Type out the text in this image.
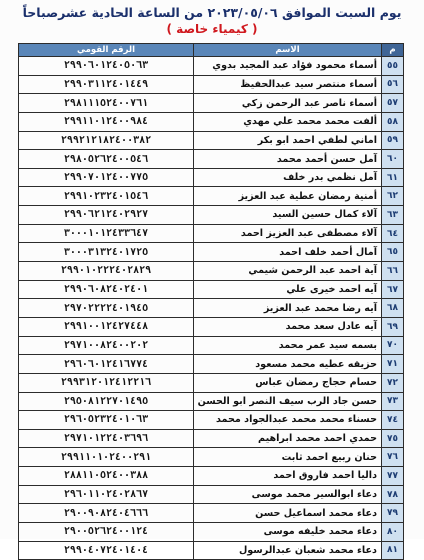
يوم السبت الموافق ٢٠٢٣/٠٥/٠٦ من الساعة الحادية عشرصباحاً
( كيمياء خاصة )
م	الاسم	الرقم القومي
٥٥	أسماء محمود فؤاد عبد المجيد بدوي	٢٩٩٠٦٠١٢٤٠٥٠٦٣
٥٦	أسماء منتصر سيد عبدالحفيظ	٢٩٩٠٣١١٢٤٠١٤٤٩
٥٧	أسماء ناصر عبد الرحمن زكي	٢٩٨١١١٥٢٤٠٠٧٦١
٥٨	ألفت محمد محمد علي مهدي	٢٩٩١١٠١٢٤٠٠٩٨٤
٥٩	اماني لطفي احمد ابو بكر	٢٩٩٢١٢١٨٢٤٠٠٣٨٢
٦٠	آمل حسن أحمد محمد	٢٩٨٠٥٢٦٢٤٠٠٥٤٦
٦١	آمل نظمي بدر خلف	٢٩٩٠٧٠١٢٤٠٠٧٧٥
٦٢	أمنية رمضان عطية عبد العزيز	٢٩٩١٠٢٣٢٤٠١٥٤٦
٦٣	آلاء كمال حسين السيد	٢٩٩٠٦٢١٢٤٠٢٩٢٧
٦٤	آلاء مصطفى عبد العزيز احمد	٣٠٠٠١٠١٢٤٣٣٦٤٧
٦٥	آمال أحمد خلف احمد	٣٠٠٠٣١٣٢٤٠١٧٢٥
٦٦	آية احمد عبد الرحمن شيمي	٢٩٩٠١٠٢٢٢٤٠٢٨٢٩
٦٧	آيه احمد خيرى علي	٢٩٩٠٦٠٨٢٤٠٢٤٠١
٦٨	آيه رضا محمد عبد العزيز	٢٩٧٠٢٢٢٢٤٠١٩٤٥
٦٩	آيه عادل سعد محمد	٢٩٩١٠٠١٢٤٢٧٤٤٨
٧٠	بسمه سيد عمر محمد	٢٩٧١٠٠٨٢٤٠٠٢٠٢
٧١	حزيقه عطيه محمد مسعود	٢٩٦٠٦٠١٢٤١٦٧٧٤
٧٢	حسام حجاج رمضان عباس	٢٩٩٣١٢٠١٢٤١٢٢١٦
٧٣	حسن جاد الرب سيف النصر ابو الحسن	٢٩٥٠٨١٢٢٧٠١٤٩٥
٧٤	حسناء محمد محمد عبدالجواد محمد	٢٩٦٠٥٢٣٢٤٠١٠٦٣
٧٥	حمدي احمد محمد ابراهيم	٢٩٧١٠١٢٢٤٠٣٦٩٦
٧٦	حنان ربيع احمد ثابت	٢٩٩١١٠١٠٢٤٠٠٢٩١
٧٧	داليا احمد فاروق احمد	٢٨٨١١٠٥٢٤٠٠٣٨٨
٧٨	دعاء ابوالسير محمد موسى	٢٩٦٠١١٠٢٤٠٢٨٦٧
٧٩	دعاء محمد اسماعيل حسن	٢٩٠٠٩٠٨٢٤٠٤٦٦٦
٨٠	دعاء محمد خليفه موسى	٢٩٠٠٥٢٦٢٤٠٠١٢٤
٨١	دعاء محمد شعبان عبدالرسول	٢٩٩٠٤٠٧٢٤٠١٤٠٤
